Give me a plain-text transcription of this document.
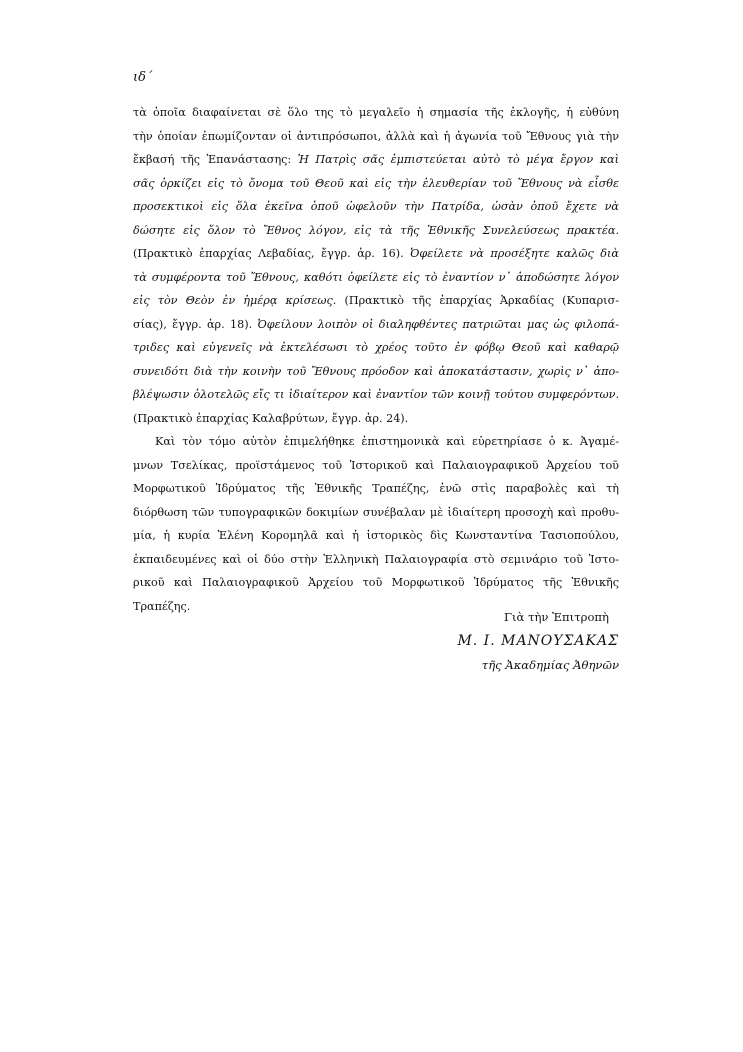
ιδ´
τὰ ὁποῖα διαφαίνεται σὲ ὅλο της τὸ μεγαλεῖο ἡ σημασία τῆς ἐκλογῆς, ἡ εὐθύνη
τὴν ὁποίαν ἐπωμίζονταν οἱ ἀντιπρόσωποι, ἀλλὰ καὶ ἡ ἀγωνία τοῦ Ἔθνους γιὰ τὴν
ἔκβασή τῆς Ἐπανάστασης: Ἡ Πατρὶς σᾶς ἐμπιστεύεται αὐτὸ τὸ μέγα ἔργον καὶ
σᾶς ὁρκίζει εἰς τὸ ὄνομα τοῦ Θεοῦ καὶ εἰς τὴν ἐλευθερίαν τοῦ Ἔθνους νὰ εἶσθε
προσεκτικοὶ εἰς ὅλα ἐκεῖνα ὁποῦ ὠφελοῦν τὴν Πατρίδα, ὡσὰν ὁποῦ ἔχετε νὰ
δώσητε εἰς ὅλον τὸ Ἔθνος λόγον, εἰς τὰ τῆς Ἐθνικῆς Συνελεύσεως πρακτέα.
(Πρακτικὸ ἐπαρχίας Λεβαδίας, ἔγγρ. ἀρ. 16). Ὀφείλετε νὰ προσέξητε καλῶς διὰ
τὰ συμφέροντα τοῦ Ἔθνους, καθότι ὀφείλετε εἰς τὸ ἐναντίον ν᾿ ἀποδώσητε λόγον
εἰς τὸν Θεὸν ἐν ἡμέρᾳ κρίσεως. (Πρακτικὸ τῆς ἐπαρχίας Ἀρκαδίας (Κυπαρισ-
σίας), ἔγγρ. ἀρ. 18). Ὀφείλουν λοιπὸν οἱ διαληφθέντες πατριῶται μας ὡς φιλοπά-
τριδες καὶ εὐγενεῖς νὰ ἐκτελέσωσι τὸ χρέος τοῦτο ἐν φόβῳ Θεοῦ καὶ καθαρῷ
συνειδότι διὰ τὴν κοινὴν τοῦ Ἔθνους πρόοδον καὶ ἀποκατάστασιν, χωρὶς ν᾿ ἀπο-
βλέψωσιν ὁλοτελῶς εἴς τι ἰδιαίτερον καὶ ἐναντίον τῶν κοινῇ τούτου συμφερόντων.
(Πρακτικὸ ἐπαρχίας Καλαβρύτων, ἔγγρ. ἀρ. 24).
Καὶ τὸν τόμο αὐτὸν ἐπιμελήθηκε ἐπιστημονικὰ καὶ εὑρετηρίασε ὁ κ. Ἀγαμέ-
μνων Τσελίκας, προϊστάμενος τοῦ Ἱστορικοῦ καὶ Παλαιογραφικοῦ Ἀρχείου τοῦ
Μορφωτικοῦ Ἱδρύματος τῆς Ἐθνικῆς Τραπέζης, ἐνῶ στὶς παραβολὲς καὶ τὴ
διόρθωση τῶν τυπογραφικῶν δοκιμίων συνέβαλαν μὲ ἰδιαίτερη προσοχὴ καὶ προθυ-
μία, ἡ κυρία Ἑλένη Κορομηλᾶ καὶ ἡ ἱστορικὸς δὶς Κωνσταντίνα Τασιοπούλου,
ἐκπαιδευμένες καὶ οἱ δύο στὴν Ἑλληνικὴ Παλαιογραφία στὸ σεμινάριο τοῦ Ἱστο-
ρικοῦ καὶ Παλαιογραφικοῦ Ἀρχείου τοῦ Μορφωτικοῦ Ἱδρύματος τῆς Ἐθνικῆς
Τραπέζης.
Γιὰ τὴν Ἐπιτροπὴ
Μ. Ι. ΜΑΝΟΥΣΑΚΑΣ
τῆς Ἀκαδημίας Ἀθηνῶν
